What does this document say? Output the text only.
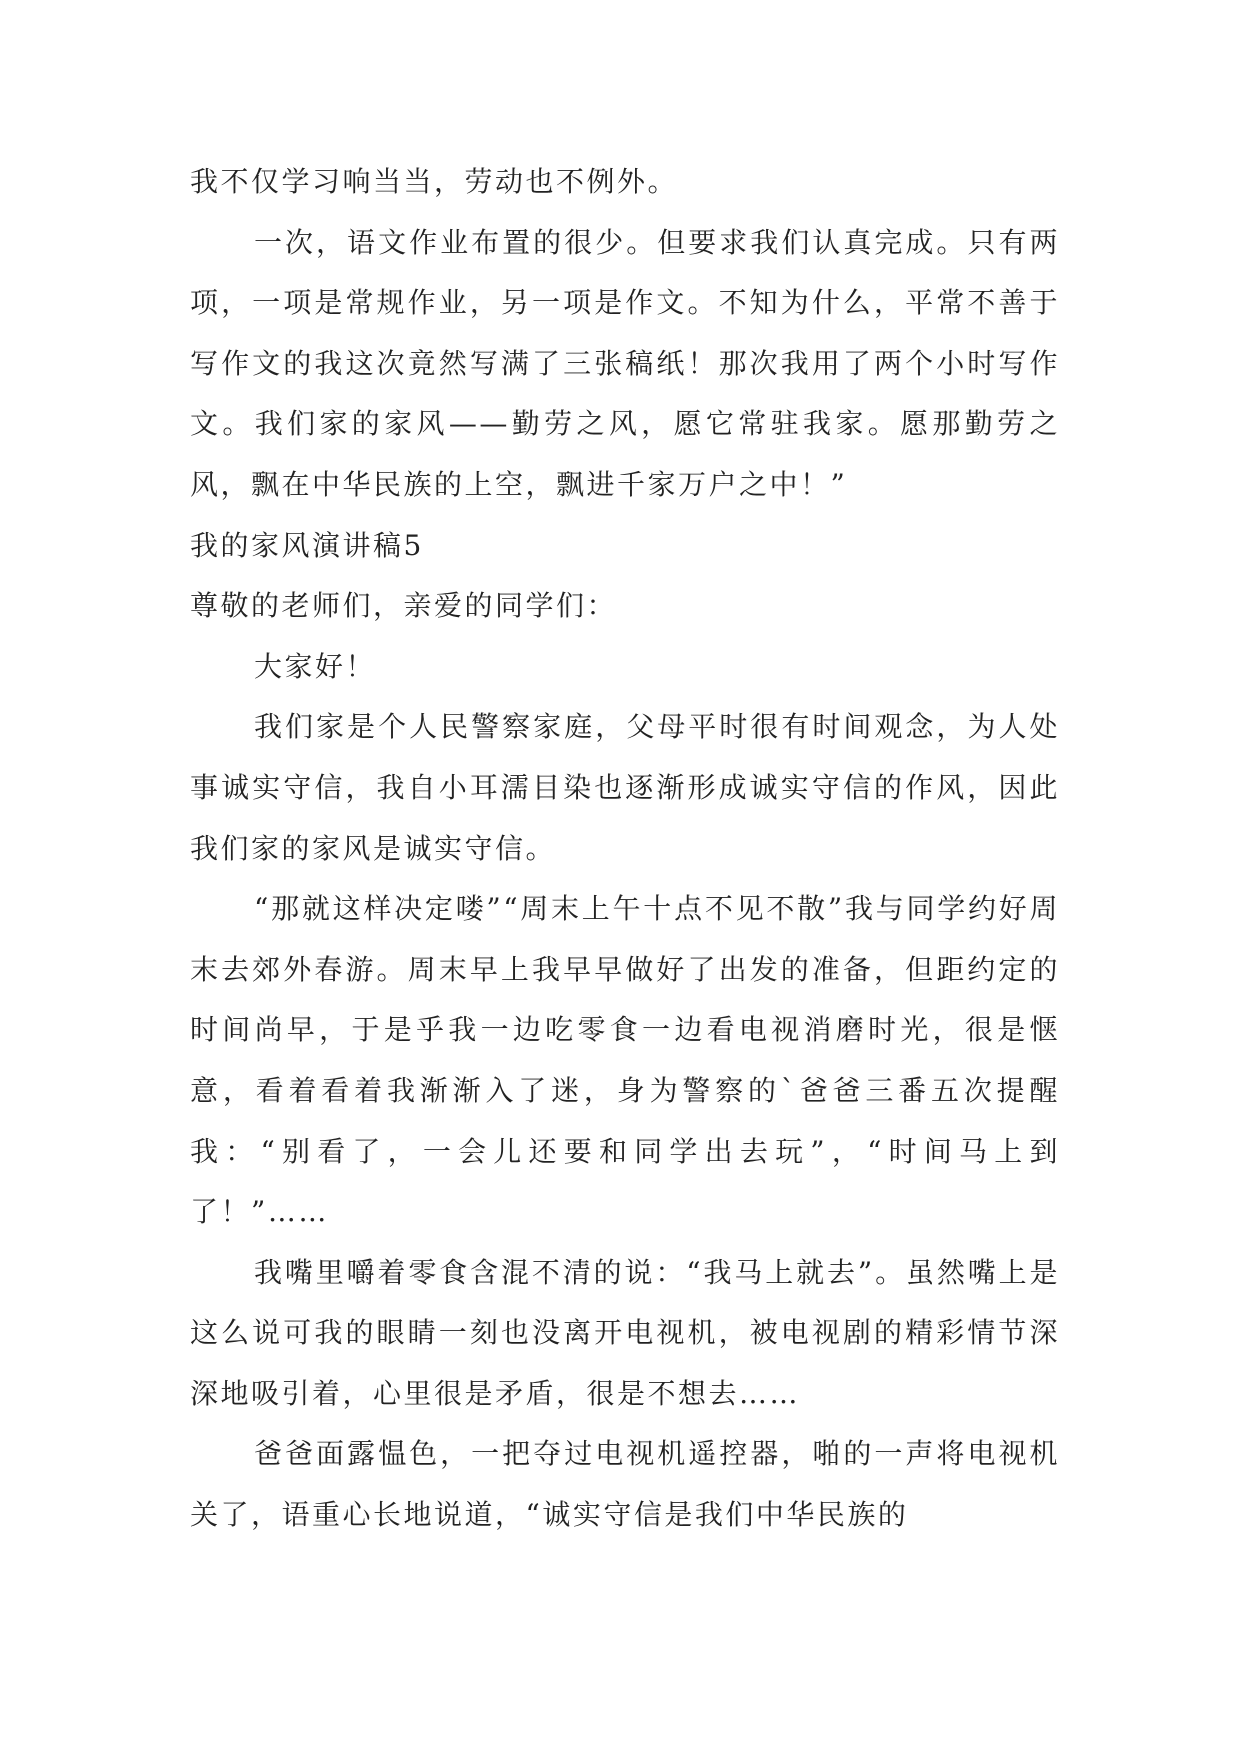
我不仅学习响当当，劳动也不例外。

一次，语文作业布置的很少。但要求我们认真完成。只有两项，一项是常规作业，另一项是作文。不知为什么，平常不善于写作文的我这次竟然写满了三张稿纸！那次我用了两个小时写作文。我们家的家风——勤劳之风，愿它常驻我家。愿那勤劳之风，飘在中华民族的上空，飘进千家万户之中！”

我的家风演讲稿5

尊敬的老师们，亲爱的同学们：

大家好！

我们家是个人民警察家庭，父母平时很有时间观念，为人处事诚实守信，我自小耳濡目染也逐渐形成诚实守信的作风，因此我们家的家风是诚实守信。

“那就这样决定喽”“周末上午十点不见不散”我与同学约好周末去郊外春游。周末早上我早早做好了出发的准备，但距约定的时间尚早，于是乎我一边吃零食一边看电视消磨时光，很是惬意，看着看着我渐渐入了迷，身为警察的`爸爸三番五次提醒我：“别看了，一会儿还要和同学出去玩”，“时间马上到了！”……

我嘴里嚼着零食含混不清的说：“我马上就去”。虽然嘴上是这么说可我的眼睛一刻也没离开电视机，被电视剧的精彩情节深深地吸引着，心里很是矛盾，很是不想去……

爸爸面露愠色，一把夺过电视机遥控器，啪的一声将电视机关了，语重心长地说道，“诚实守信是我们中华民族的
